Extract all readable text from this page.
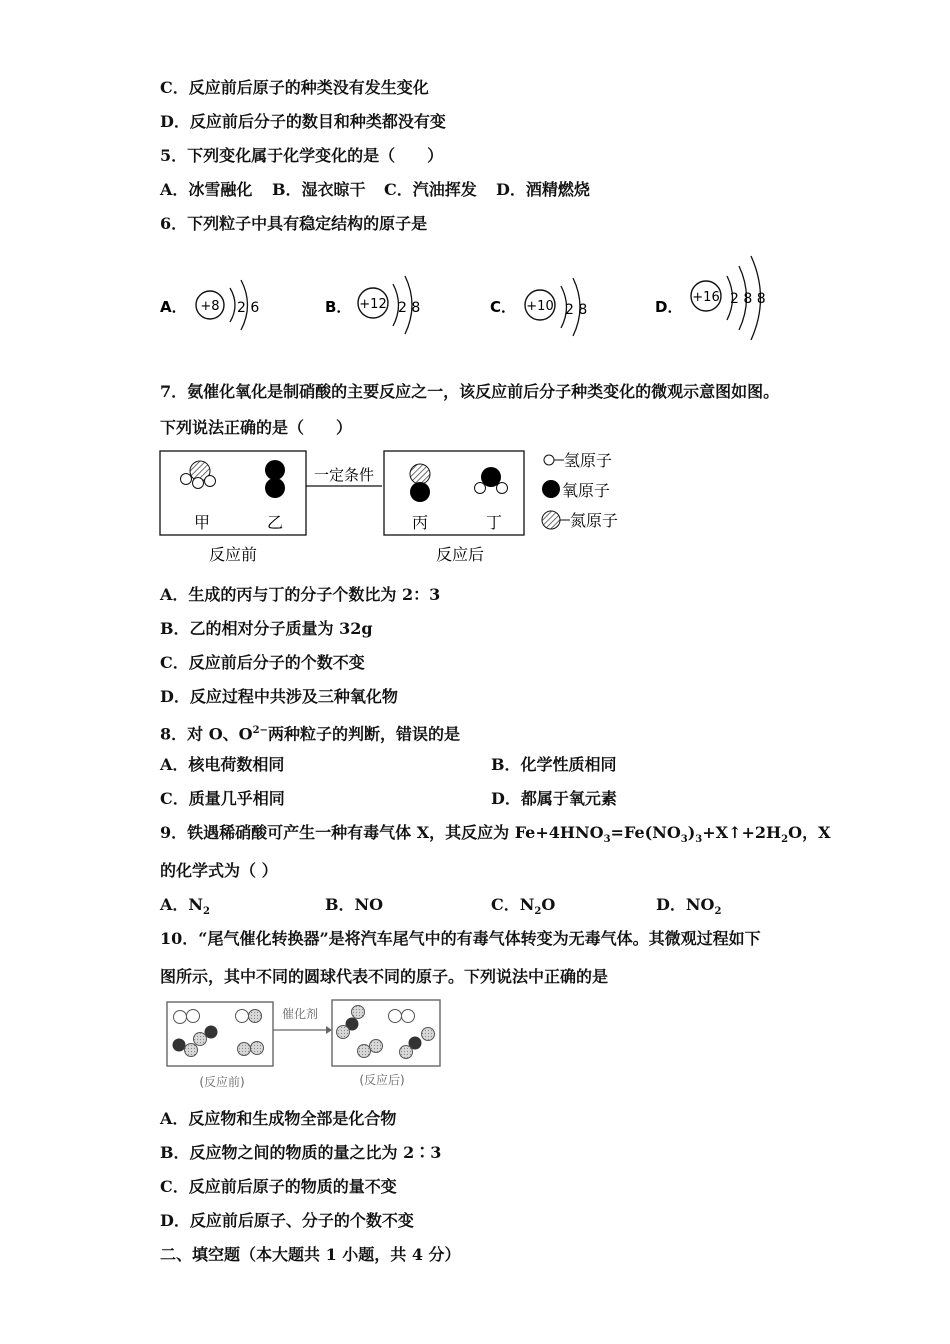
C．反应前后原子的种类没有发生变化
D．反应前后分子的数目和种类都没有变
5．下列变化属于化学变化的是（　　）
A．冰雪融化 B．湿衣晾干 C．汽油挥发 D．酒精燃烧
6．下列粒子中具有稳定结构的原子是
A． +8 2 6	B． +12 2 8	C． +10 2 8	D．
+16 2 8 8
7．氨催化氧化是制硝酸的主要反应之一，该反应前后分子种类变化的微观示意图如图。
下列说法正确的是（　　）
甲	乙
反应前
一定条件
丙	丁
反应后
氢原子
氧原子
氮原子
A．生成的丙与丁的分子个数比为 2：3
B．乙的相对分子质量为 32g
C．反应前后分子的个数不变
D．反应过程中共涉及三种氧化物
8．对 O、$O^{2-}$两种粒子的判断，错误的是
A．核电荷数相同	B．化学性质相同
C．质量几乎相同	D．都属于氧元素
9．铁遇稀硝酸可产生一种有毒气体 X，其反应为 $Fe+4HNO_3=Fe(NO_3)_3+X↑+2H_2O$，X
的化学式为（ ）
A．$N_2$	B．NO	C．$N_2O$	D．$NO_2$
10．“尾气催化转换器”是将汽车尾气中的有毒气体转变为无毒气体。其微观过程如下
图所示，其中不同的圆球代表不同的原子。下列说法中正确的是
催化剂
(反应前)	(反应后)
A．反应物和生成物全部是化合物
B．反应物之间的物质的量之比为 2∶3
C．反应前后原子的物质的量不变
D．反应前后原子、分子的个数不变
二、填空题（本大题共 1 小题，共 4 分）
